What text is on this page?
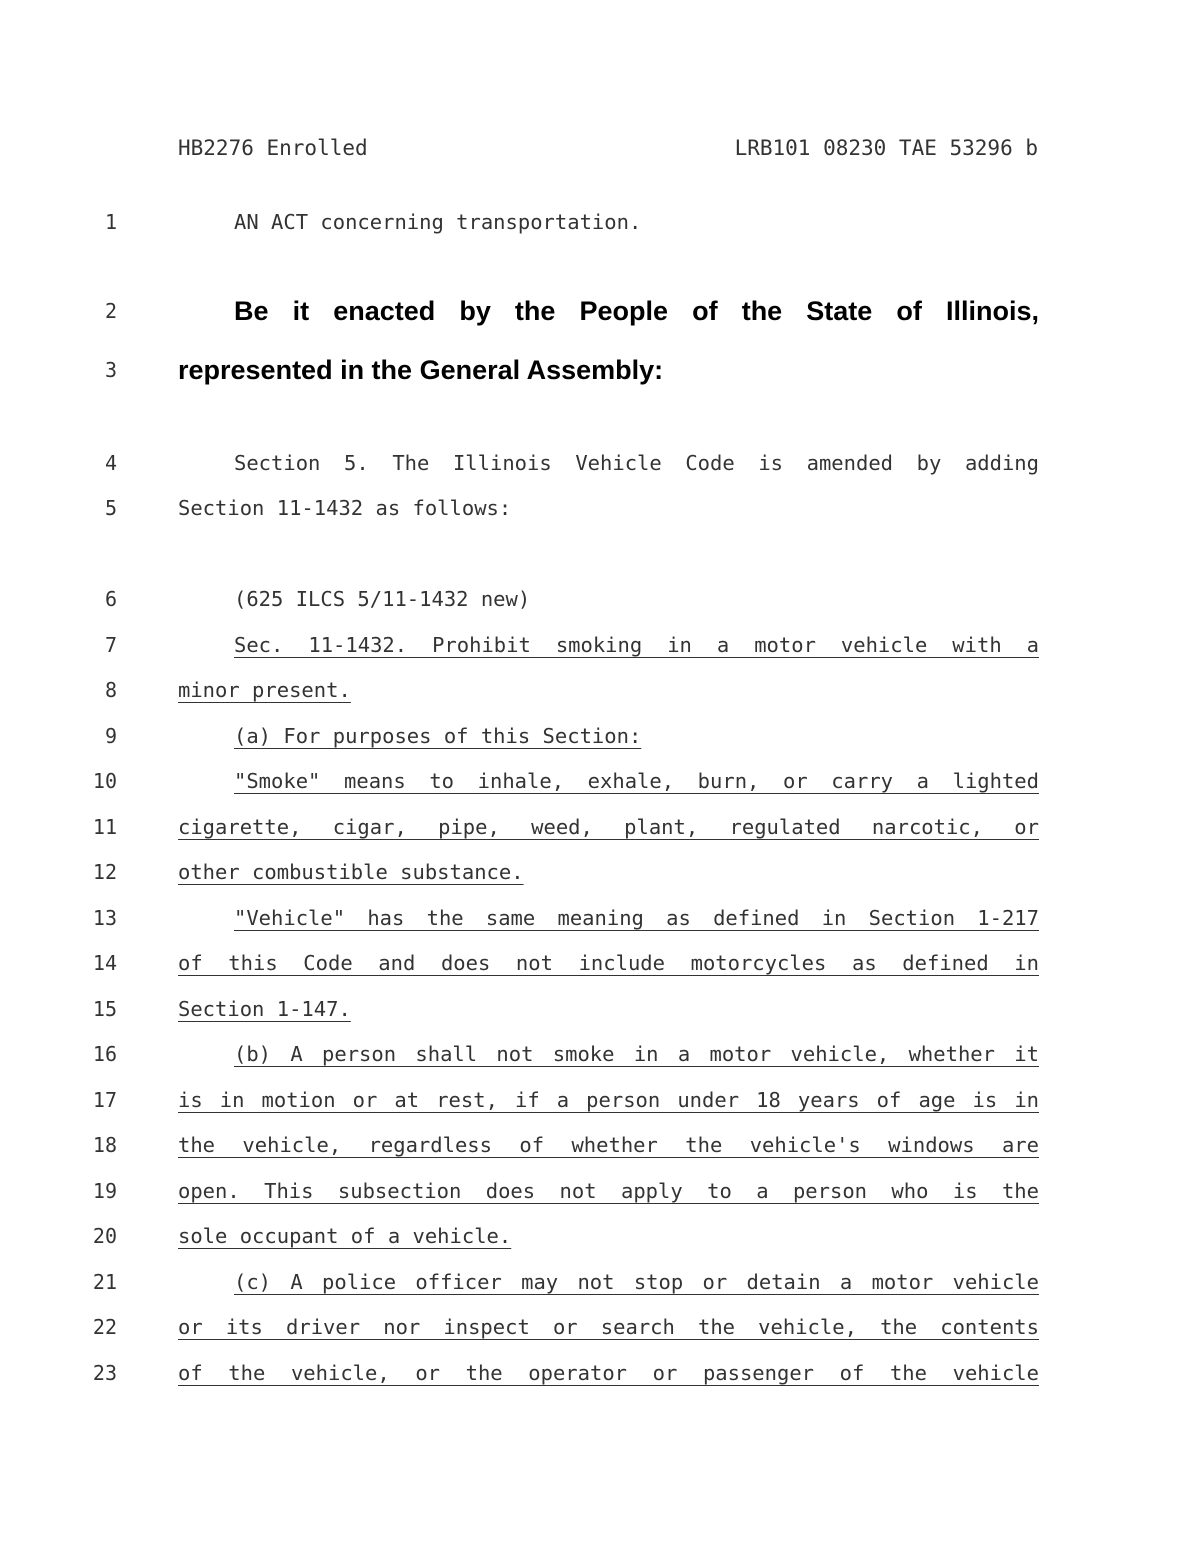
HB2276 Enrolled	LRB101 08230 TAE 53296 b
1	AN ACT concerning transportation.
2	Be it enacted by the People of the State of Illinois,
3 represented in the General Assembly:
4	Section 5. The Illinois Vehicle Code is amended by adding
5	Section 11-1432 as follows:
6	(625 ILCS 5/11-1432 new)
7	Sec. 11-1432. Prohibit smoking in a motor vehicle with a
8	minor present.
9	(a) For purposes of this Section:
10	"Smoke" means to inhale, exhale, burn, or carry a lighted
11	cigarette, cigar, pipe, weed, plant, regulated narcotic, or
12	other combustible substance.
13	"Vehicle" has the same meaning as defined in Section 1-217
14	of this Code and does not include motorcycles as defined in
15	Section 1-147.
16	(b) A person shall not smoke in a motor vehicle, whether it
17	is in motion or at rest, if a person under 18 years of age is in
18	the vehicle, regardless of whether the vehicle's windows are
19	open. This subsection does not apply to a person who is the
20	sole occupant of a vehicle.
21	(c) A police officer may not stop or detain a motor vehicle
22	or its driver nor inspect or search the vehicle, the contents
23	of the vehicle, or the operator or passenger of the vehicle
